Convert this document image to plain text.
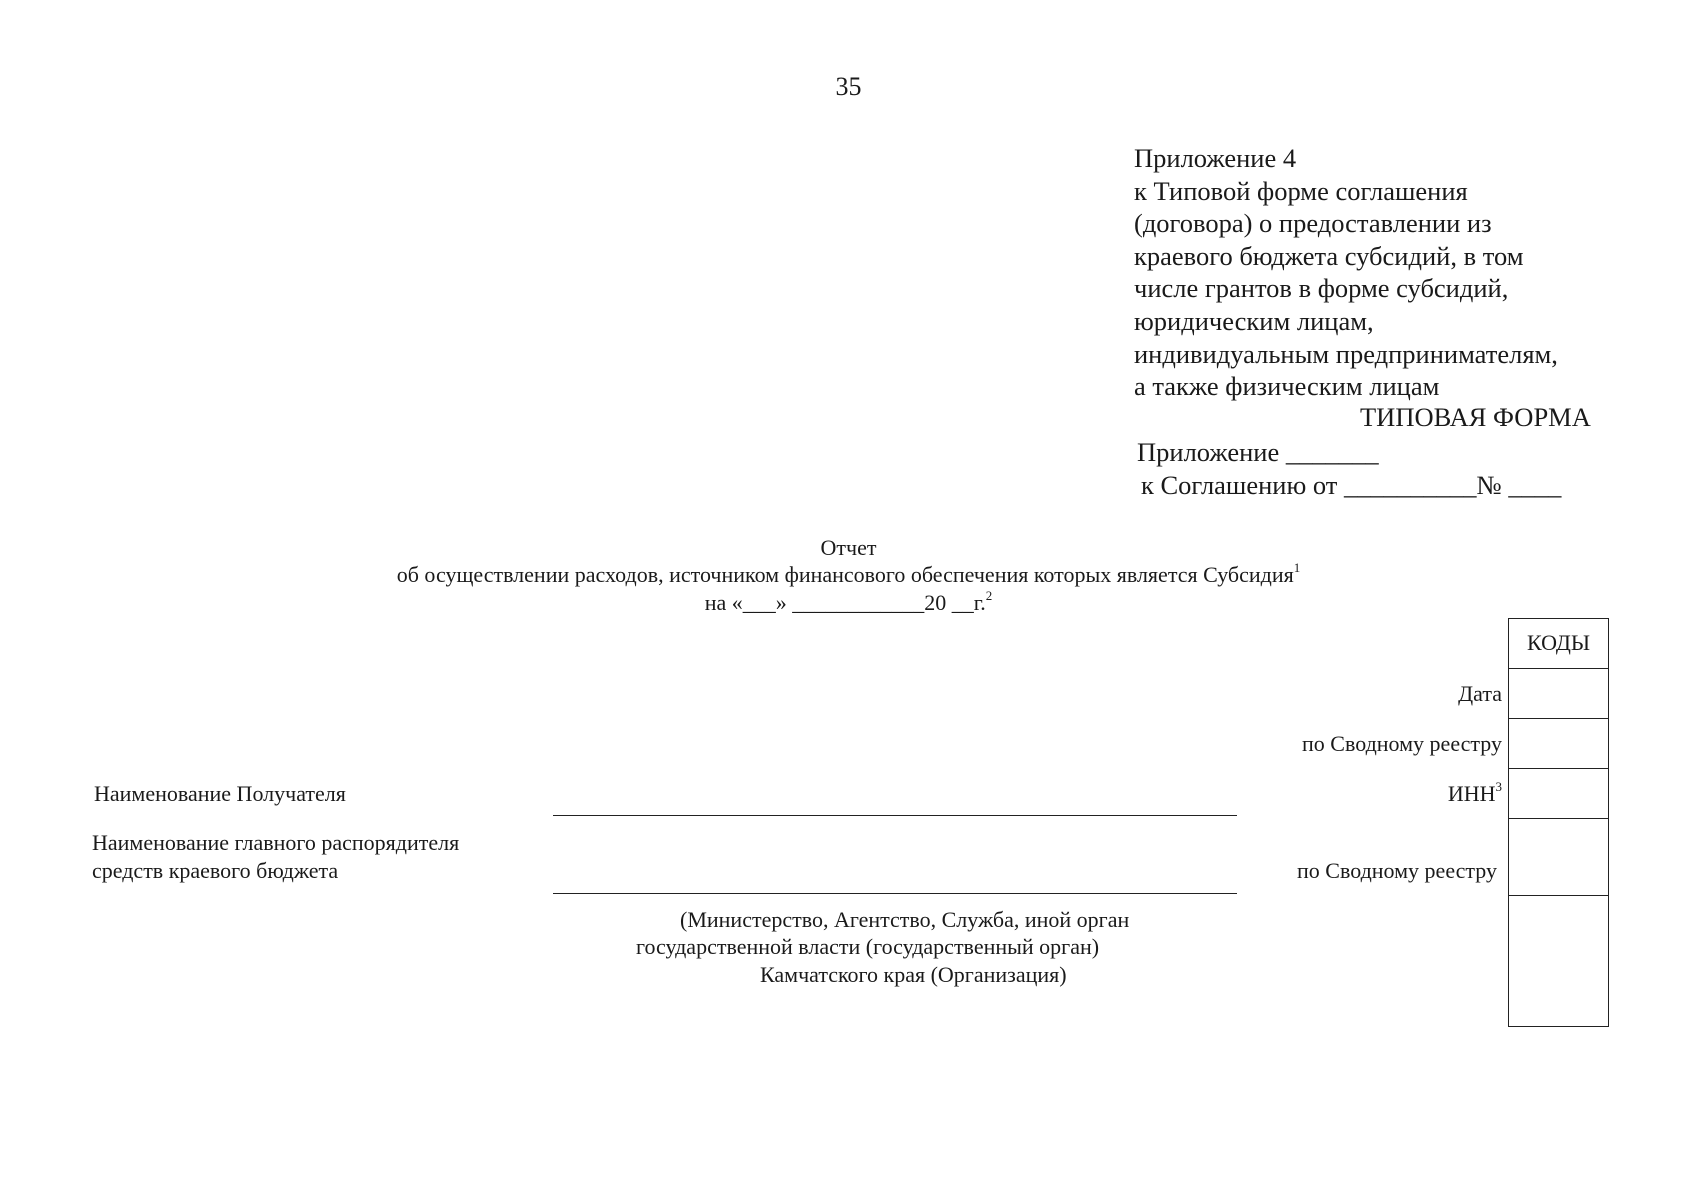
35
Приложение 4
к Типовой форме соглашения
(договора) о предоставлении из
краевого бюджета субсидий, в том
числе грантов в форме субсидий,
юридическим лицам,
индивидуальным предпринимателям,
а также физическим лицам
ТИПОВАЯ ФОРМА
Приложение _______
к Соглашению от __________№ ____
Отчет
об осуществлении расходов, источником финансового обеспечения которых является Субсидия$^1$
на «___» ____________20 __г.$^2$
КОДЫ
Дата
по Сводному реестру
ИНН$^3$
по Сводному реестру
Наименование Получателя
Наименование главного распорядителя
средств краевого бюджета
(Министерство, Агентство, Служба, иной орган
государственной власти (государственный орган)
Камчатского края (Организация)
